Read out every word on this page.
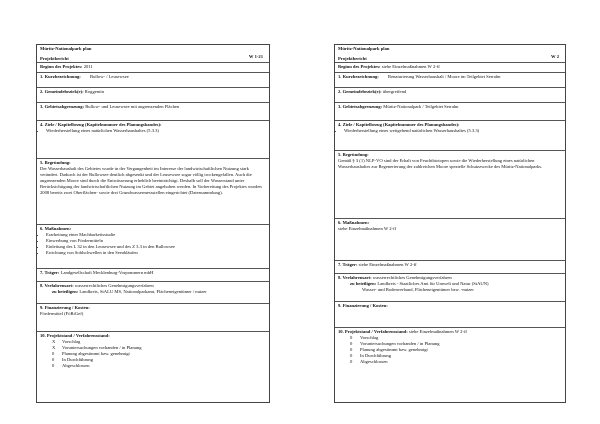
Müritz-Nationalpark plan
Projektbericht	W 1-21
Beginn des Projektes: 2011
1. Kurzbezeichnung: Bullow- / Leusewsee
2. Gemeindebezirk(e): Roggentin
3. Gebietsabgrenzung: Bullow- und Leusewsee mit angrenzenden Flächen
4. Ziele / Kapitelbezug (Kapitelnummer des Planungsbandes):
• Wiederherstellung eines natürlichen Wasserhaushaltes (5.3.3)
5. Begründung:
Der Wasserhaushalt des Gebietes wurde in der Vergangenheit im Interesse der landwirtschaftlichen Nutzung stark verändert. Dadurch ist der Bullowsee deutlich abgesenkt und der Leusewsee sogar völlig trockengefallen. Auch die angrenzenden Moore sind durch die Entwässerung erheblich beeinträchtigt. Deshalb soll der Wasserstand unter Berücksichtigung der landwirtschaftlichen Nutzung im Gebiet angehoben werden. In Vorbereitung des Projektes wurden 2008 bereits zwei Oberflächen- sowie drei Grundwassermessstellen eingerichtet (Datensammlung).
6. Maßnahmen:
• Erarbeitung einer Machbarkeitsstudie
• Einwerbung von Fördermitteln
• Einleitung des L 32 in den Leusewsee und des Z 3.3 in den Bullowsee
• Errichtung von Sohlschwellen in den Seeabläufen
7. Träger: Landgesellschaft Mecklenburg-Vorpommern mbH
8. Verfahrensart: wasserrechtliches Genehmigungsverfahren
zu beteiligen: Landkreis, StALU MS, Nationalparkamt, Flächeneigentümer / nutzer
9. Finanzierung / Kosten:
Fördermittel (FöRiGef)
10. Projektstand / Verfahrensstand:
X Vorschlag
X Voruntersuchungen vorhanden / in Planung
0 Planung abgestimmt bzw. genehmigt
0 In Durchführung
0 Abgeschlossen
Müritz-Nationalpark plan
Projektbericht	W 2
Beginn des Projektes: siehe Einzelmaßnahmen W 2-ff
1. Kurzbezeichnung: Renaturierung Wasserhaushalt / Moore im Teilgebiet Serrahn
2. Gemeindebezirk(e): übergreifend
3. Gebietsabgrenzung: Müritz-Nationalpark / Teilgebiet Serrahn
4. Ziele / Kapitelbezug (Kapitelnummer des Planungsbandes):
• Wiederherstellung eines weitgehend natürlichen Wasserhaushaltes (5.3.3)
5. Begründung:
Gemäß § 3 (1) NLP-VO sind der Erhalt von Feuchtbiotopen sowie die Wiederherstellung eines natürlichen Wasserhaushaltes zur Regenerierung der zahlreichen Moore spezielle Schutzzwecke des Müritz-Nationalparks.
6. Maßnahmen:
siehe Einzelmaßnahmen W 2-ff
7. Träger: siehe Einzelmaßnahmen W 2-ff
8. Verfahrensart: wasserrechtliches Genehmigungsverfahren
zu beteiligen: Landkreis - Staatliches Amt für Umwelt und Natur (StAUN)
Wasser- und Bodenverband, Flächeneigentümer bzw. -nutzer
9. Finanzierung / Kosten:
10. Projektstand / Verfahrensstand: siehe Einzelmaßnahmen W 2-ff
0 Vorschlag
0 Voruntersuchungen vorhanden / in Planung
0 Planung abgestimmt bzw. genehmigt
0 In Durchführung
0 Abgeschlossen
